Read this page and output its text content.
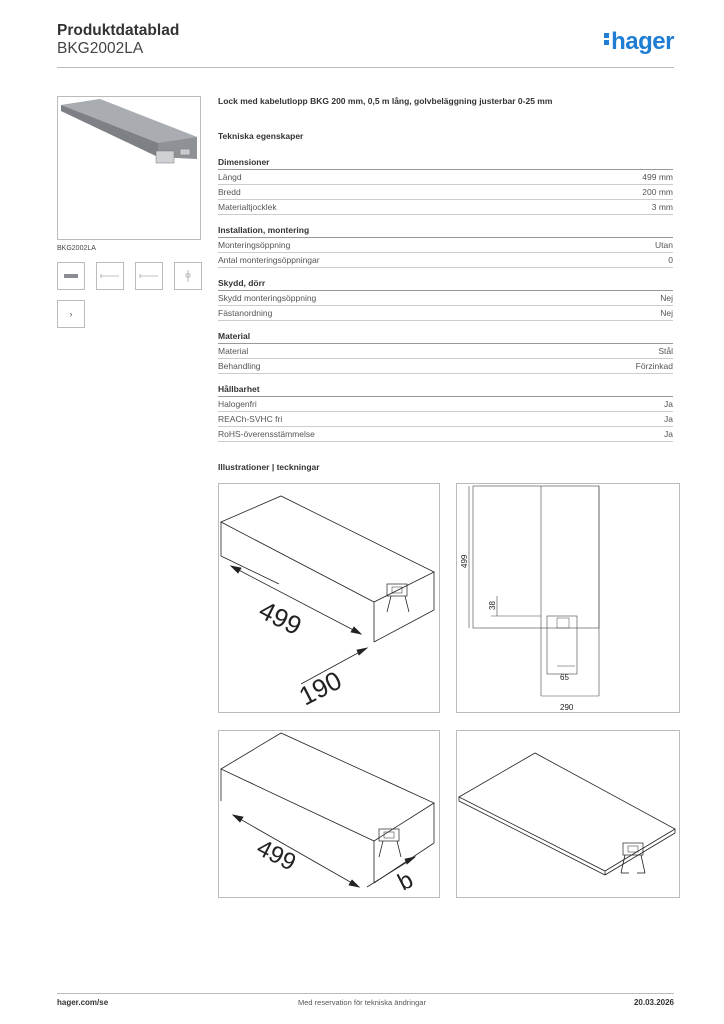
Produktdatablad
BKG2002LA	hager
BKG2002LA
›
Lock med kabelutlopp BKG 200 mm, 0,5 m lång, golvbeläggning justerbar 0-25 mm
Tekniska egenskaper
Dimensioner
Längd	499 mm
Bredd	200 mm
Materialtjocklek	3 mm
Installation, montering
Monteringsöppning	Utan
Antal monteringsöppningar	0
Skydd, dörr
Skydd monteringsöppning	Nej
Fästanordning	Nej
Material
Material	Stål
Behandling	Förzinkad
Hållbarhet
Halogenfri	Ja
REACh-SVHC fri	Ja
RoHS-överensstämmelse	Ja
Illustrationer | teckningar
499
190
499
38
65
290
499
b
hager.com/se	Med reservation för tekniska ändringar	20.03.2026
